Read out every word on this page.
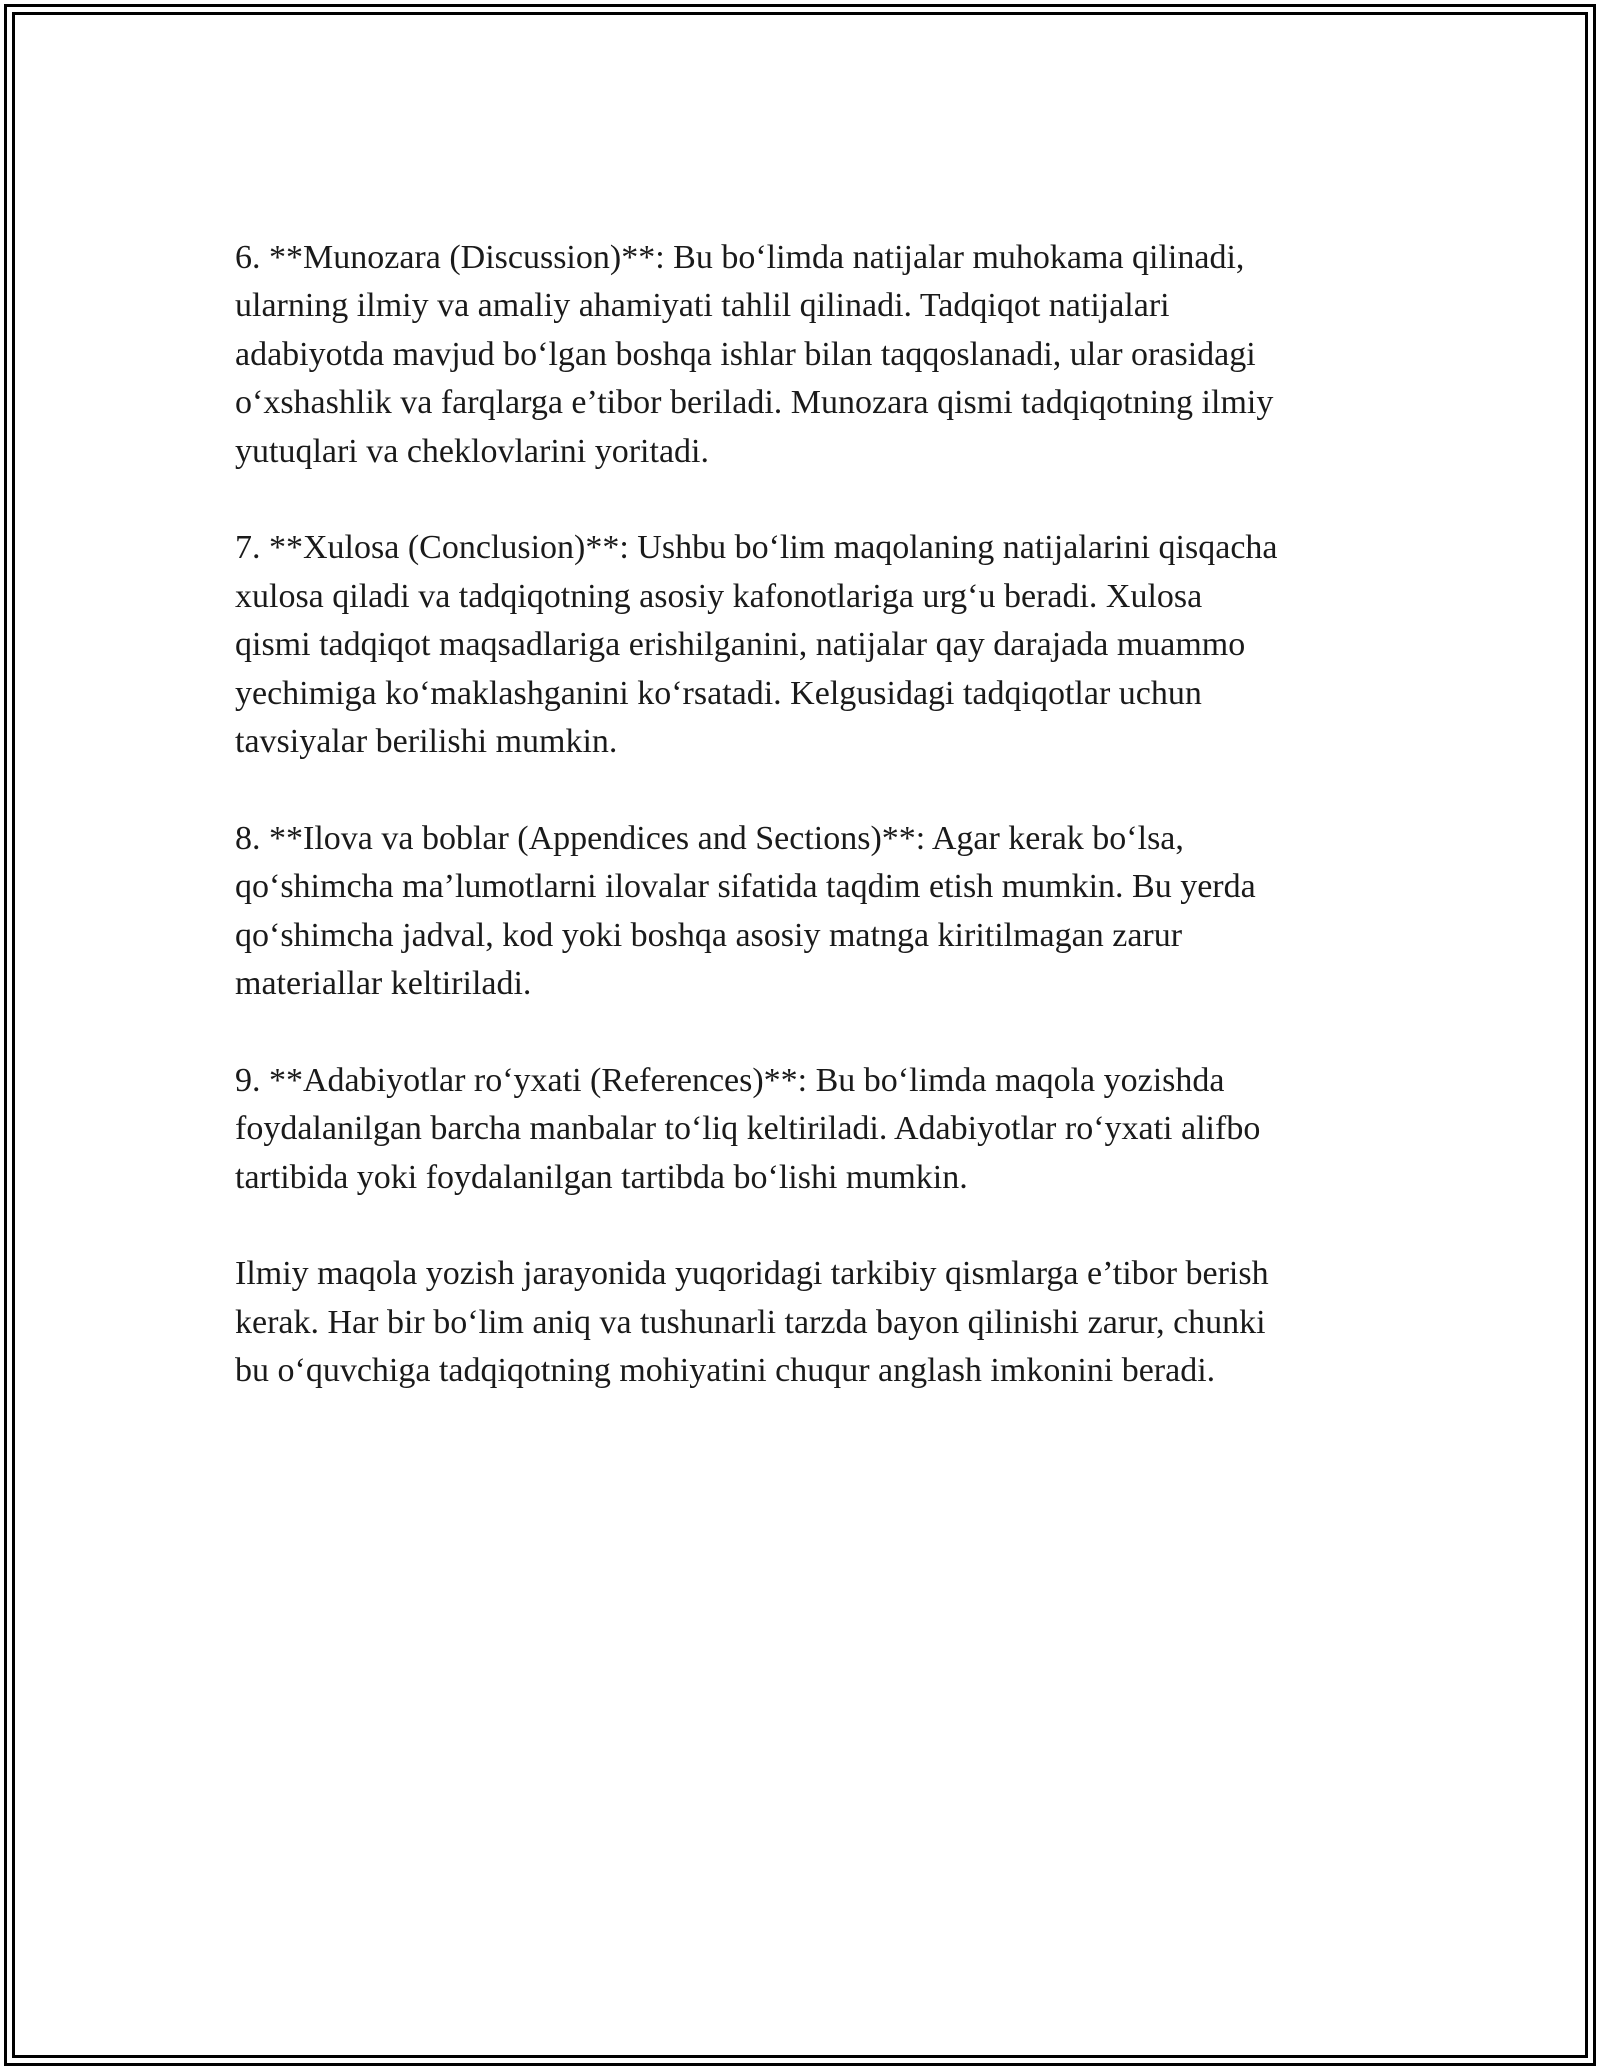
6. **Munozara (Discussion)**: Bu bo‘limda natijalar muhokama qilinadi,
ularning ilmiy va amaliy ahamiyati tahlil qilinadi. Tadqiqot natijalari
adabiyotda mavjud bo‘lgan boshqa ishlar bilan taqqoslanadi, ular orasidagi
o‘xshashlik va farqlarga e’tibor beriladi. Munozara qismi tadqiqotning ilmiy
yutuqlari va cheklovlarini yoritadi.

7. **Xulosa (Conclusion)**: Ushbu bo‘lim maqolaning natijalarini qisqacha
xulosa qiladi va tadqiqotning asosiy kafonotlariga urg‘u beradi. Xulosa
qismi tadqiqot maqsadlariga erishilganini, natijalar qay darajada muammo
yechimiga ko‘maklashganini ko‘rsatadi. Kelgusidagi tadqiqotlar uchun
tavsiyalar berilishi mumkin.

8. **Ilova va boblar (Appendices and Sections)**: Agar kerak bo‘lsa,
qo‘shimcha ma’lumotlarni ilovalar sifatida taqdim etish mumkin. Bu yerda
qo‘shimcha jadval, kod yoki boshqa asosiy matnga kiritilmagan zarur
materiallar keltiriladi.

9. **Adabiyotlar ro‘yxati (References)**: Bu bo‘limda maqola yozishda
foydalanilgan barcha manbalar to‘liq keltiriladi. Adabiyotlar ro‘yxati alifbo
tartibida yoki foydalanilgan tartibda bo‘lishi mumkin.

Ilmiy maqola yozish jarayonida yuqoridagi tarkibiy qismlarga e’tibor berish
kerak. Har bir bo‘lim aniq va tushunarli tarzda bayon qilinishi zarur, chunki
bu o‘quvchiga tadqiqotning mohiyatini chuqur anglash imkonini beradi.
